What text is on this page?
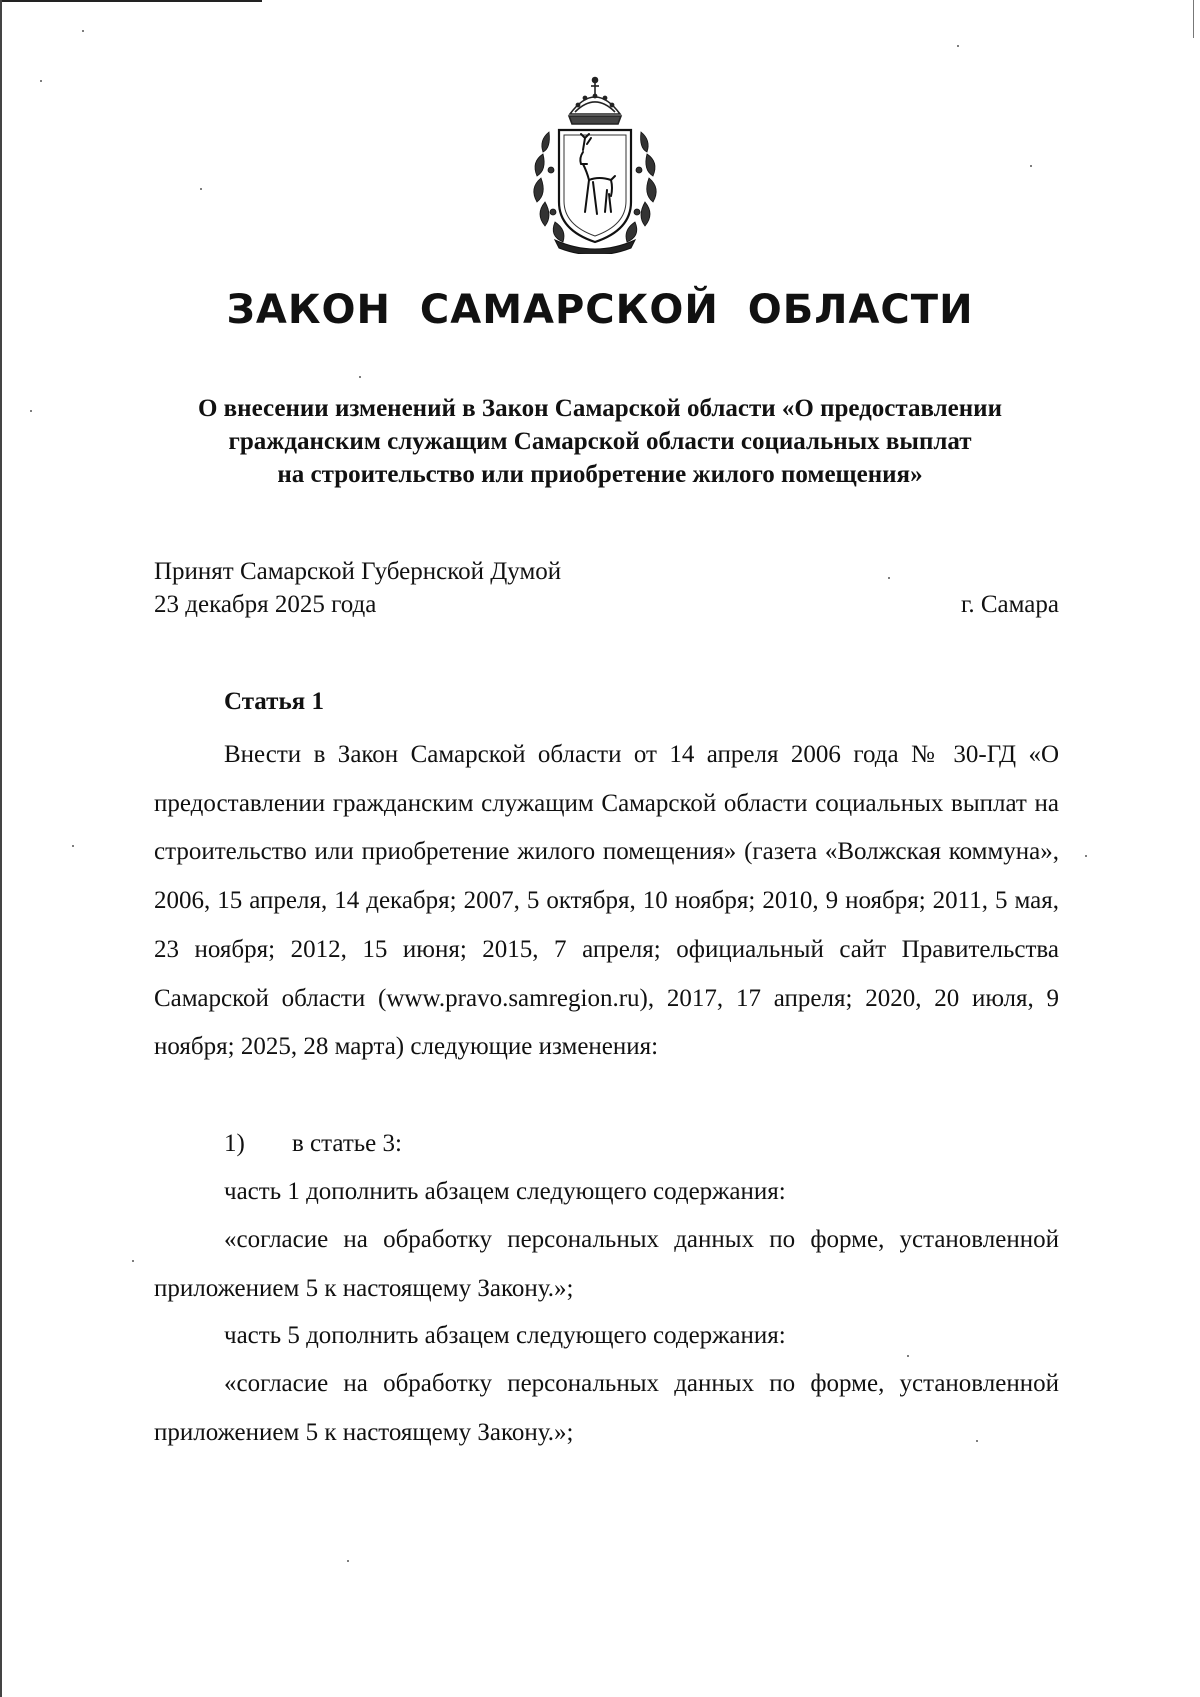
ЗАКОН САМАРСКОЙ ОБЛАСТИ
О внесении изменений в Закон Самарской области «О предоставлении
гражданским служащим Самарской области социальных выплат
на строительство или приобретение жилого помещения»
Принят Самарской Губернской Думой
23 декабря 2025 года	г. Самара
Статья 1

Внести в Закон Самарской области от 14 апреля 2006 года № 30-ГД «О предоставлении гражданским служащим Самарской области социальных выплат на строительство или приобретение жилого помещения» (газета «Волжская коммуна», 2006, 15 апреля, 14 декабря; 2007, 5 октября, 10 ноября; 2010, 9 ноября; 2011, 5 мая, 23 ноября; 2012, 15 июня; 2015, 7 апреля; официальный сайт Правительства Самарской области (www.pravo.samregion.ru), 2017, 17 апреля; 2020, 20 июля, 9 ноября; 2025, 28 марта) следующие изменения:

1) в статье 3:

часть 1 дополнить абзацем следующего содержания:

«согласие на обработку персональных данных по форме, установленной приложением 5 к настоящему Закону.»;

часть 5 дополнить абзацем следующего содержания:

«согласие на обработку персональных данных по форме, установленной приложением 5 к настоящему Закону.»;
